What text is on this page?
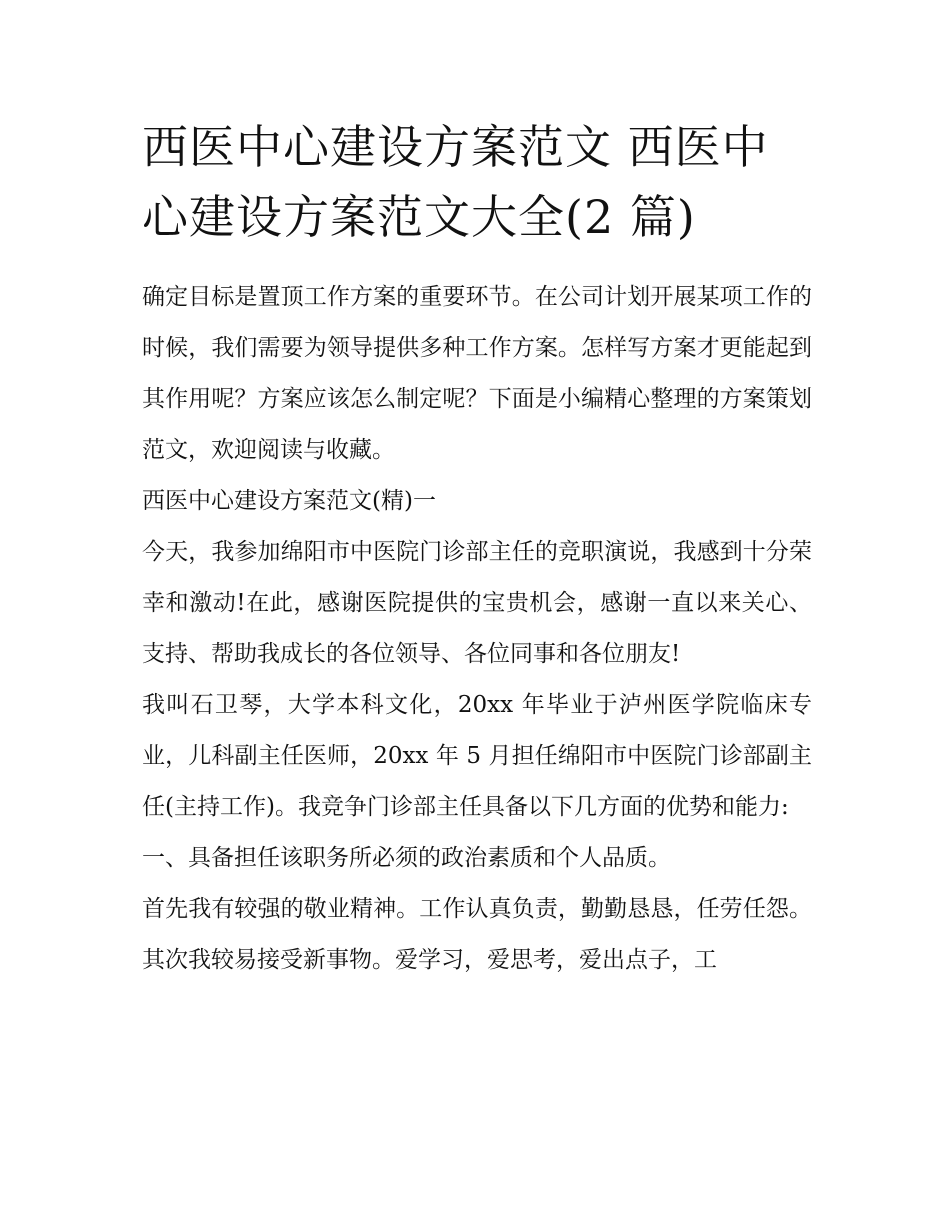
西医中心建设方案范文 西医中心建设方案范文大全(2 篇)

确定目标是置顶工作方案的重要环节。在公司计划开展某项工作的时候，我们需要为领导提供多种工作方案。怎样写方案才更能起到其作用呢？方案应该怎么制定呢？下面是小编精心整理的方案策划范文，欢迎阅读与收藏。

西医中心建设方案范文(精)一

今天，我参加绵阳市中医院门诊部主任的竞职演说，我感到十分荣幸和激动!在此，感谢医院提供的宝贵机会，感谢一直以来关心、支持、帮助我成长的各位领导、各位同事和各位朋友!

我叫石卫琴，大学本科文化，20xx 年毕业于泸州医学院临床专业，儿科副主任医师，20xx 年 5 月担任绵阳市中医院门诊部副主任(主持工作)。我竞争门诊部主任具备以下几方面的优势和能力:

一、具备担任该职务所必须的政治素质和个人品质。

首先我有较强的敬业精神。工作认真负责，勤勤恳恳，任劳任怨。其次我较易接受新事物。爱学习，爱思考，爱出点子，工
